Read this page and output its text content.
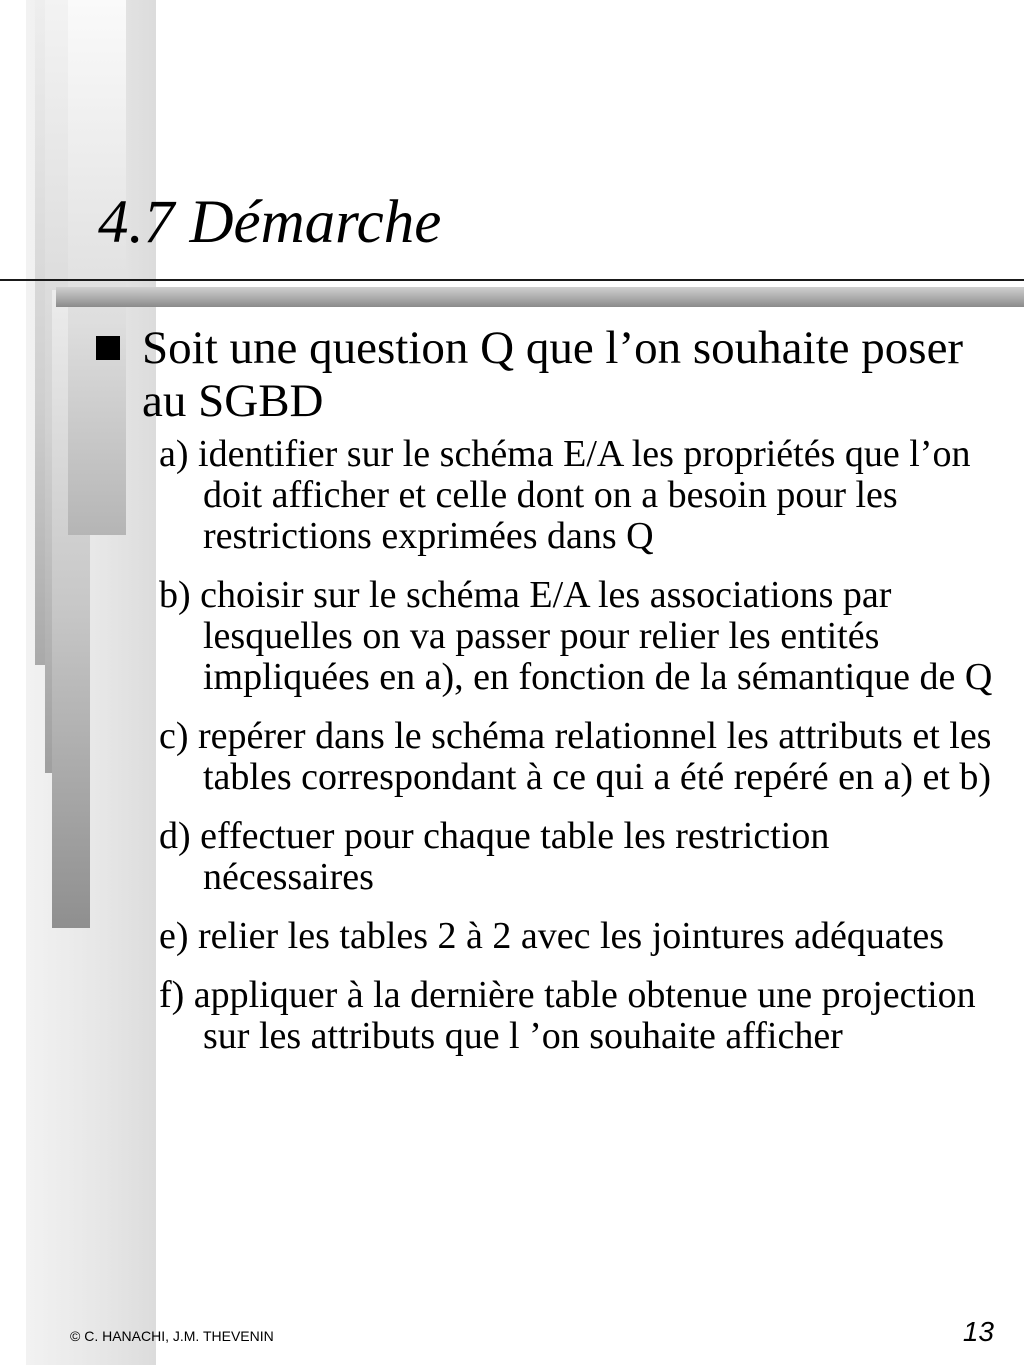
4.7 Démarche

Soit une question Q que l’on souhaite poser au SGBD

a) identifier sur le schéma E/A les propriétés que l’on doit afficher et celle dont on a besoin pour les restrictions exprimées dans Q
b) choisir sur le schéma E/A les associations par lesquelles on va passer pour relier les entités impliquées en a), en fonction de la sémantique de Q
c) repérer dans le schéma relationnel les attributs et les tables correspondant à ce qui a été repéré en a) et b)
d) effectuer pour chaque table les restriction nécessaires
e) relier les tables 2 à 2 avec les jointures adéquates
f) appliquer à la dernière table obtenue une projection sur les attributs que l ’on souhaite afficher
© C. HANACHI, J.M. THEVENIN	13
